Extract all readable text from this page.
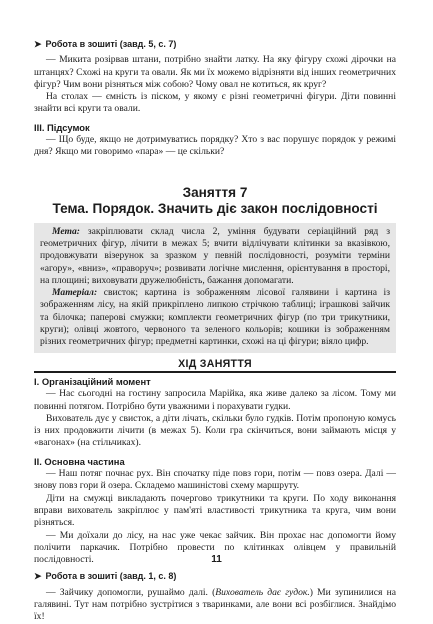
➤ Робота в зошиті (завд. 5, с. 7)

— Микита розірвав штани, потрібно знайти латку. На яку фігуру схожі дірочки на штанцях? Схожі на круги та овали. Як ми їх можемо відрізняти від інших геометричних фігур? Чим вони різняться між собою? Чому овал не котиться, як круг?

На столах — ємність із піском, у якому є різні геометричні фігури. Діти повинні знайти всі круги та овали.

ІІІ. Підсумок

— Що буде, якщо не дотримуватись порядку? Хто з вас порушує порядок у режимі дня? Якщо ми говоримо «пара» — це скільки?

Заняття 7
Тема. Порядок. Значить діє закон послідовності

Мета: закріплювати склад числа 2, уміння будувати серіаційний ряд з геометричних фігур, лічити в межах 5; вчити відлічувати клітинки за вказівкою, продовжувати візерунок за зразком у певній послідовності, розуміти терміни «агору», «вниз», «праворуч»; розвивати логічне мислення, орієнтування в просторі, на площині; виховувати дружелюбність, бажання допомагати.

Матеріал: свисток; картина із зображенням лісової галявини і картина із зображенням лісу, на якій прикріплено липкою стрічкою таблиці; іграшкові зайчик та білочка; паперові смужки; комплекти геометричних фігур (по три трикутники, круги); олівці жовтого, червоного та зеленого кольорів; кошики із зображенням різних геометричних фігур; предметні картинки, схожі на ці фігури; віяло цифр.

ХІД ЗАНЯТТЯ

І. Організаційний момент

— Нас сьогодні на гостину запросила Марійка, яка живе далеко за лісом. Тому ми повинні потягом. Потрібно бути уважними і порахувати гудки.

Вихователь дує у свисток, а діти лічать, скільки було гудків. Потім пропоную комусь із них продовжити лічити (в межах 5). Коли гра скінчиться, вони займають місця у «вагонах» (на стільчиках).

ІІ. Основна частина

— Наш потяг почнає рух. Він спочатку піде повз гори, потім — повз озера. Далі — знову повз гори й озера. Складемо машиністові схему маршруту.

Діти на смужці викладають почергово трикутники та круги. По ходу виконання вправи вихователь закріплює у пам'яті властивості трикутника та круга, чим вони різняться.

— Ми доїхали до лісу, на нас уже чекає зайчик. Він прохає нас допомогти йому полічити паркачик. Потрібно провести по клітинках олівцем у правильній послідовності.

➤ Робота в зошиті (завд. 1, с. 8)

— Зайчику допомогли, рушаймо далі. (Вихователь дає гудок.) Ми зупинилися на галявині. Тут нам потрібно зустрітися з тваринками, але вони всі розбіглися. Знайдімо їх!

11
